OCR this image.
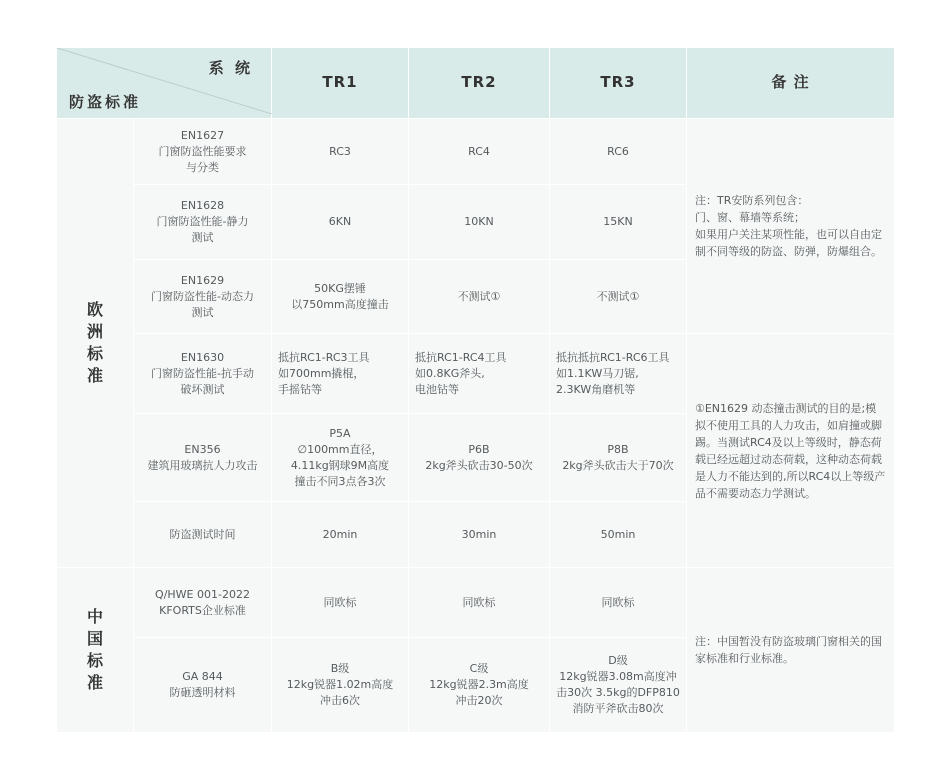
系 统
防盗标准		TR1	TR2	TR3	备 注

欧
洲
标
准	EN1627
门窗防盗性能要求
与分类	RC3	RC4	RC6	注：TR安防系列包含：
门、窗、幕墙等系统；
如果用户关注某项性能，也可以自由定制不同等级的防盗、防弹，防爆组合。
	EN1628
门窗防盗性能-静力
测试	6KN	10KN	15KN	
	EN1629
门窗防盗性能-动态力
测试	50KG摆锤
以750mm高度撞击	不测试①	不测试①	
	EN1630
门窗防盗性能-抗手动
破坏测试	抵抗RC1-RC3工具
如700mm撬棍，
手摇钻等	抵抗RC1-RC4工具
如0.8KG斧头,
电池钻等	抵抗抵抗RC1-RC6工具
如1.1KW马刀锯,
2.3KW角磨机等	①EN1629 动态撞击测试的目的是;模拟不使用工具的人力攻击，如肩撞或脚踢。当测试RC4及以上等级时，静态荷载已经远超过动态荷载，这种动态荷载是人力不能达到的,所以RC4以上等级产品不需要动态力学测试。
	EN356
建筑用玻璃抗人力攻击	P5A
∅100mm直径，
4.11kg钢球9M高度
撞击不同3点各3次	P6B
2kg斧头砍击30-50次	P8B
2kg斧头砍击大于70次	
	防盗测试时间	20min	30min	50min	

中
国
标
准	Q/HWE 001-2022
KFORTS企业标准	同欧标	同欧标	同欧标	注：中国暂没有防盗玻璃门窗相关的国家标准和行业标准。
	GA 844
防砸透明材料	B级
12kg锐器1.02m高度
冲击6次	C级
12kg锐器2.3m高度
冲击20次	D级
12kg锐器3.08m高度冲
击30次 3.5kg的DFP810
消防平斧砍击80次	
